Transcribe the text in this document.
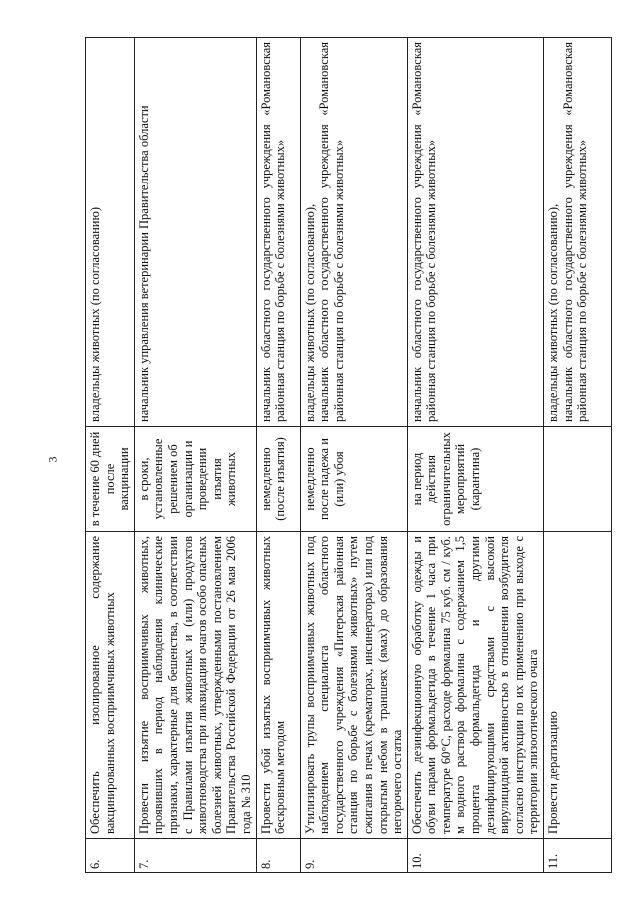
3
6.	Обеспечить изолированное содержание вакцинированных восприимчивых животных	в течение 60 дней после вакцинации	владельцы животных (по согласованию)

7.	Провести изъятие восприимчивых животных, проявивших в период наблюдения клинические признаки, характерные для бешенства, в соответствии с Правилами изъятия животных и (или) продуктов животноводства при ликвидации очагов особо опасных болезней животных, утвержденными постановлением Правительства Российской Федерации от 26 мая 2006 года № 310	в сроки, установленные решением об организации и проведении изъятия животных	начальник управления ветеринарии Правительства области

8.	Провести убой изъятых восприимчивых животных бескровным методом	немедленно (после изъятия)	начальник областного государственного учреждения «Романовская районная станция по борьбе с болезнями животных»

9.	Утилизировать трупы восприимчивых животных под наблюдением специалиста областного государственного учреждения «Питерская районная станция по борьбе с болезнями животных» путем сжигания в печах (крематорах, инсинераторах) или под открытым небом в траншеях (ямах) до образования негорючего остатка	немедленно после падежа и (или) убоя	владельцы животных (по согласованию), начальник областного государственного учреждения «Романовская районная станция по борьбе с болезнями животных»

10.	Обеспечить дезинфекционную обработку одежды и обуви парами формальдегида в течение 1 часа при температуре 60°С, расходе формалина 75 куб. см / куб. м водного раствора формалина с содержанием 1,5 процента формальдегида и другими дезинфицирующими средствами с высокой вирулицидной активностью в отношении возбудителя согласно инструкции по их применению при выходе с территории эпизоотического очага	на период действия ограничительных мероприятий (карантина)	начальник областного государственного учреждения «Романовская районная станция по борьбе с болезнями животных»

11.	Провести дератизацию		владельцы животных (по согласованию), начальник областного государственного учреждения «Романовская районная станция по борьбе с болезнями животных»
